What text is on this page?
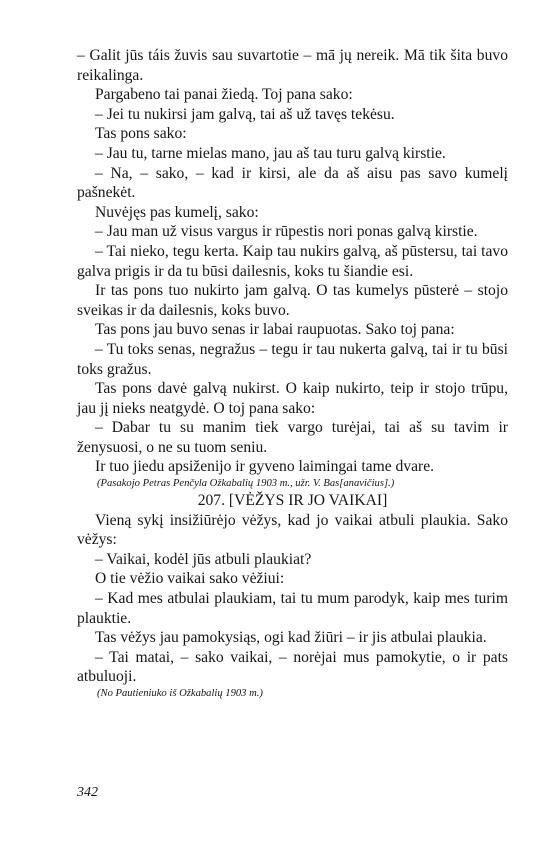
– Galit jūs táis žuvis sau suvartotie – mā jų nereik. Mā tik šita buvo reikalinga.

Pargabeno tai panai žiedą. Toj pana sako:

– Jei tu nukirsi jam galvą, tai aš už tavęs tekėsu.

Tas pons sako:

– Jau tu, tarne mielas mano, jau aš tau turu galvą kirstie.

– Na, – sako, – kad ir kirsi, ale da aš aisu pas savo kumelį pašnekėt.

Nuvėjęs pas kumelį, sako:

– Jau man už visus vargus ir rūpestis nori ponas galvą kirstie.

– Tai nieko, tegu kerta. Kaip tau nukirs galvą, aš pūstersu, tai tavo galva prigis ir da tu būsi dailesnis, koks tu šiandie esi.

Ir tas pons tuo nukirto jam galvą. O tas kumelys pūsterė – stojo sveikas ir da dailesnis, koks buvo.

Tas pons jau buvo senas ir labai raupuotas. Sako toj pana:

– Tu toks senas, negražus – tegu ir tau nukerta galvą, tai ir tu būsi toks gražus.

Tas pons davė galvą nukirst. O kaip nukirto, teip ir stojo trūpu, jau jį nieks neatgydė. O toj pana sako:

– Dabar tu su manim tiek vargo turėjai, tai aš su tavim ir ženysuosi, o ne su tuom seniu.

Ir tuo jiedu apsiženijo ir gyveno laimingai tame dvare.

(Pasakojo Petras Penčyla Ožkabalių 1903 m., užr. V. Bas[anavičius].)

207. [VĖŽYS IR JO VAIKAI]

Vieną sykį insižiūrėjo vėžys, kad jo vaikai atbuli plaukia. Sako vėžys:

– Vaikai, kodėl jūs atbuli plaukiat?

O tie vėžio vaikai sako vėžiui:

– Kad mes atbulai plaukiam, tai tu mum parodyk, kaip mes turim plauktie.

Tas vėžys jau pamokysiąs, ogi kad žiūri – ir jis atbulai plaukia.

– Tai matai, – sako vaikai, – norėjai mus pamokytie, o ir pats atbuluoji.

(No Pautieniuko iš Ožkabalių 1903 m.)

342
